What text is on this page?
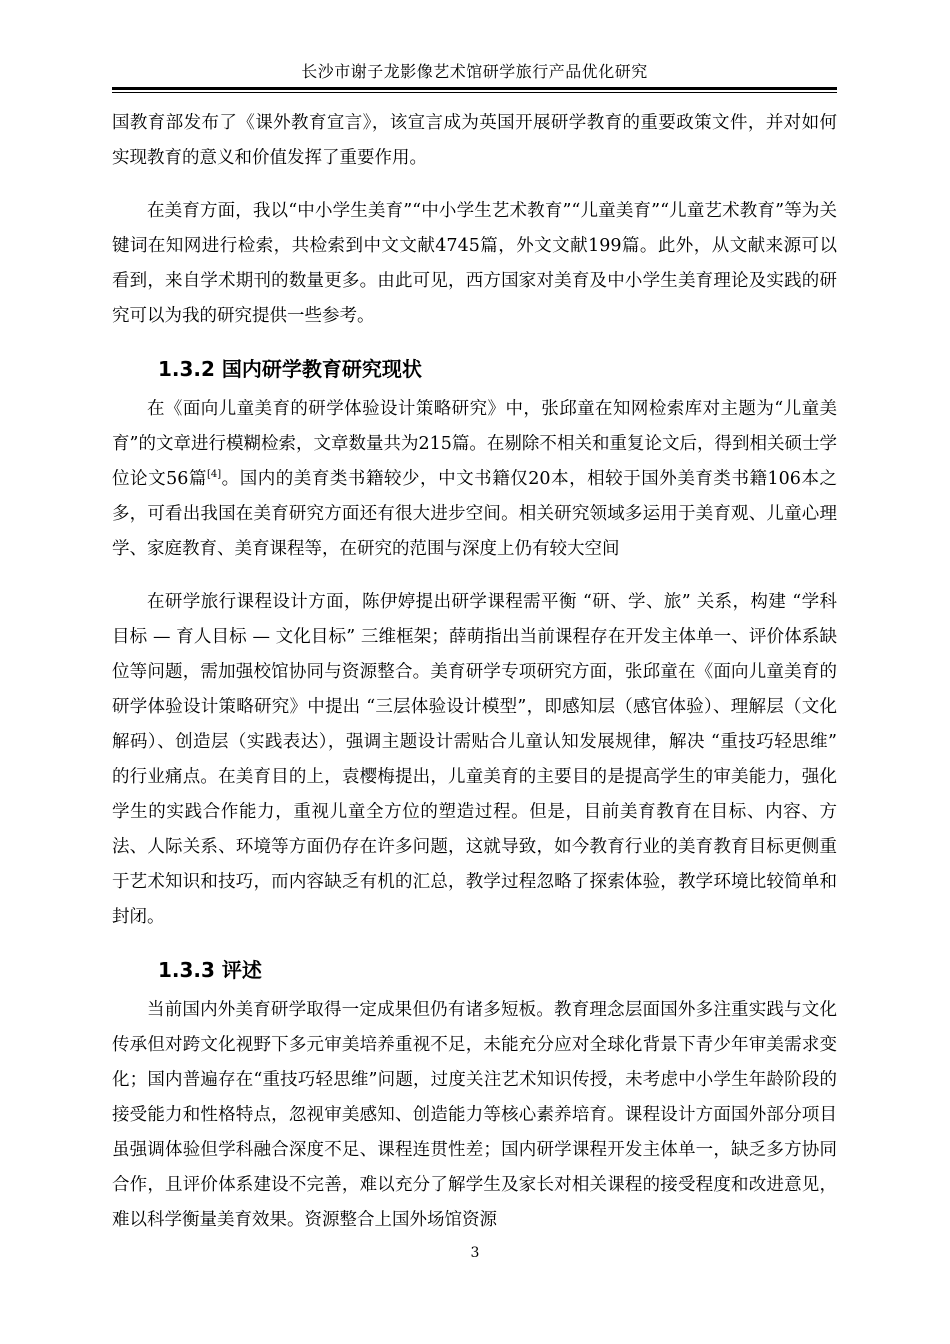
长沙市谢子龙影像艺术馆研学旅行产品优化研究

国教育部发布了《课外教育宣言》，该宣言成为英国开展研学教育的重要政策文件，并对如何实现教育的意义和价值发挥了重要作用。

在美育方面，我以“中小学生美育”“中小学生艺术教育”“儿童美育”“儿童艺术教育”等为关键词在知网进行检索，共检索到中文文献4745篇，外文文献199篇。此外，从文献来源可以看到，来自学术期刊的数量更多。由此可见，西方国家对美育及中小学生美育理论及实践的研究可以为我的研究提供一些参考。

1.3.2 国内研学教育研究现状

在《面向儿童美育的研学体验设计策略研究》中，张邱童在知网检索库对主题为“儿童美育”的文章进行模糊检索，文章数量共为215篇。在剔除不相关和重复论文后，得到相关硕士学位论文56篇[4]。国内的美育类书籍较少，中文书籍仅20本，相较于国外美育类书籍106本之多，可看出我国在美育研究方面还有很大进步空间。相关研究领域多运用于美育观、儿童心理学、家庭教育、美育课程等，在研究的范围与深度上仍有较大空间

在研学旅行课程设计方面，陈伊婷提出研学课程需平衡 “研、学、旅” 关系，构建 “学科目标 — 育人目标 — 文化目标” 三维框架；薛萌指出当前课程存在开发主体单一、评价体系缺位等问题，需加强校馆协同与资源整合。美育研学专项研究方面，张邱童在《面向儿童美育的研学体验设计策略研究》中提出 “三层体验设计模型”，即感知层（感官体验）、理解层（文化解码）、创造层（实践表达），强调主题设计需贴合儿童认知发展规律，解决 “重技巧轻思维” 的行业痛点。在美育目的上，袁樱梅提出，儿童美育的主要目的是提高学生的审美能力，强化学生的实践合作能力，重视儿童全方位的塑造过程。但是，目前美育教育在目标、内容、方法、人际关系、环境等方面仍存在许多问题，这就导致，如今教育行业的美育教育目标更侧重于艺术知识和技巧，而内容缺乏有机的汇总，教学过程忽略了探索体验，教学环境比较简单和封闭。

1.3.3 评述

当前国内外美育研学取得一定成果但仍有诸多短板。教育理念层面国外多注重实践与文化传承但对跨文化视野下多元审美培养重视不足，未能充分应对全球化背景下青少年审美需求变化；国内普遍存在“重技巧轻思维”问题，过度关注艺术知识传授，未考虑中小学生年龄阶段的接受能力和性格特点，忽视审美感知、创造能力等核心素养培育。课程设计方面国外部分项目虽强调体验但学科融合深度不足、课程连贯性差；国内研学课程开发主体单一，缺乏多方协同合作，且评价体系建设不完善，难以充分了解学生及家长对相关课程的接受程度和改进意见，难以科学衡量美育效果。资源整合上国外场馆资源

3
